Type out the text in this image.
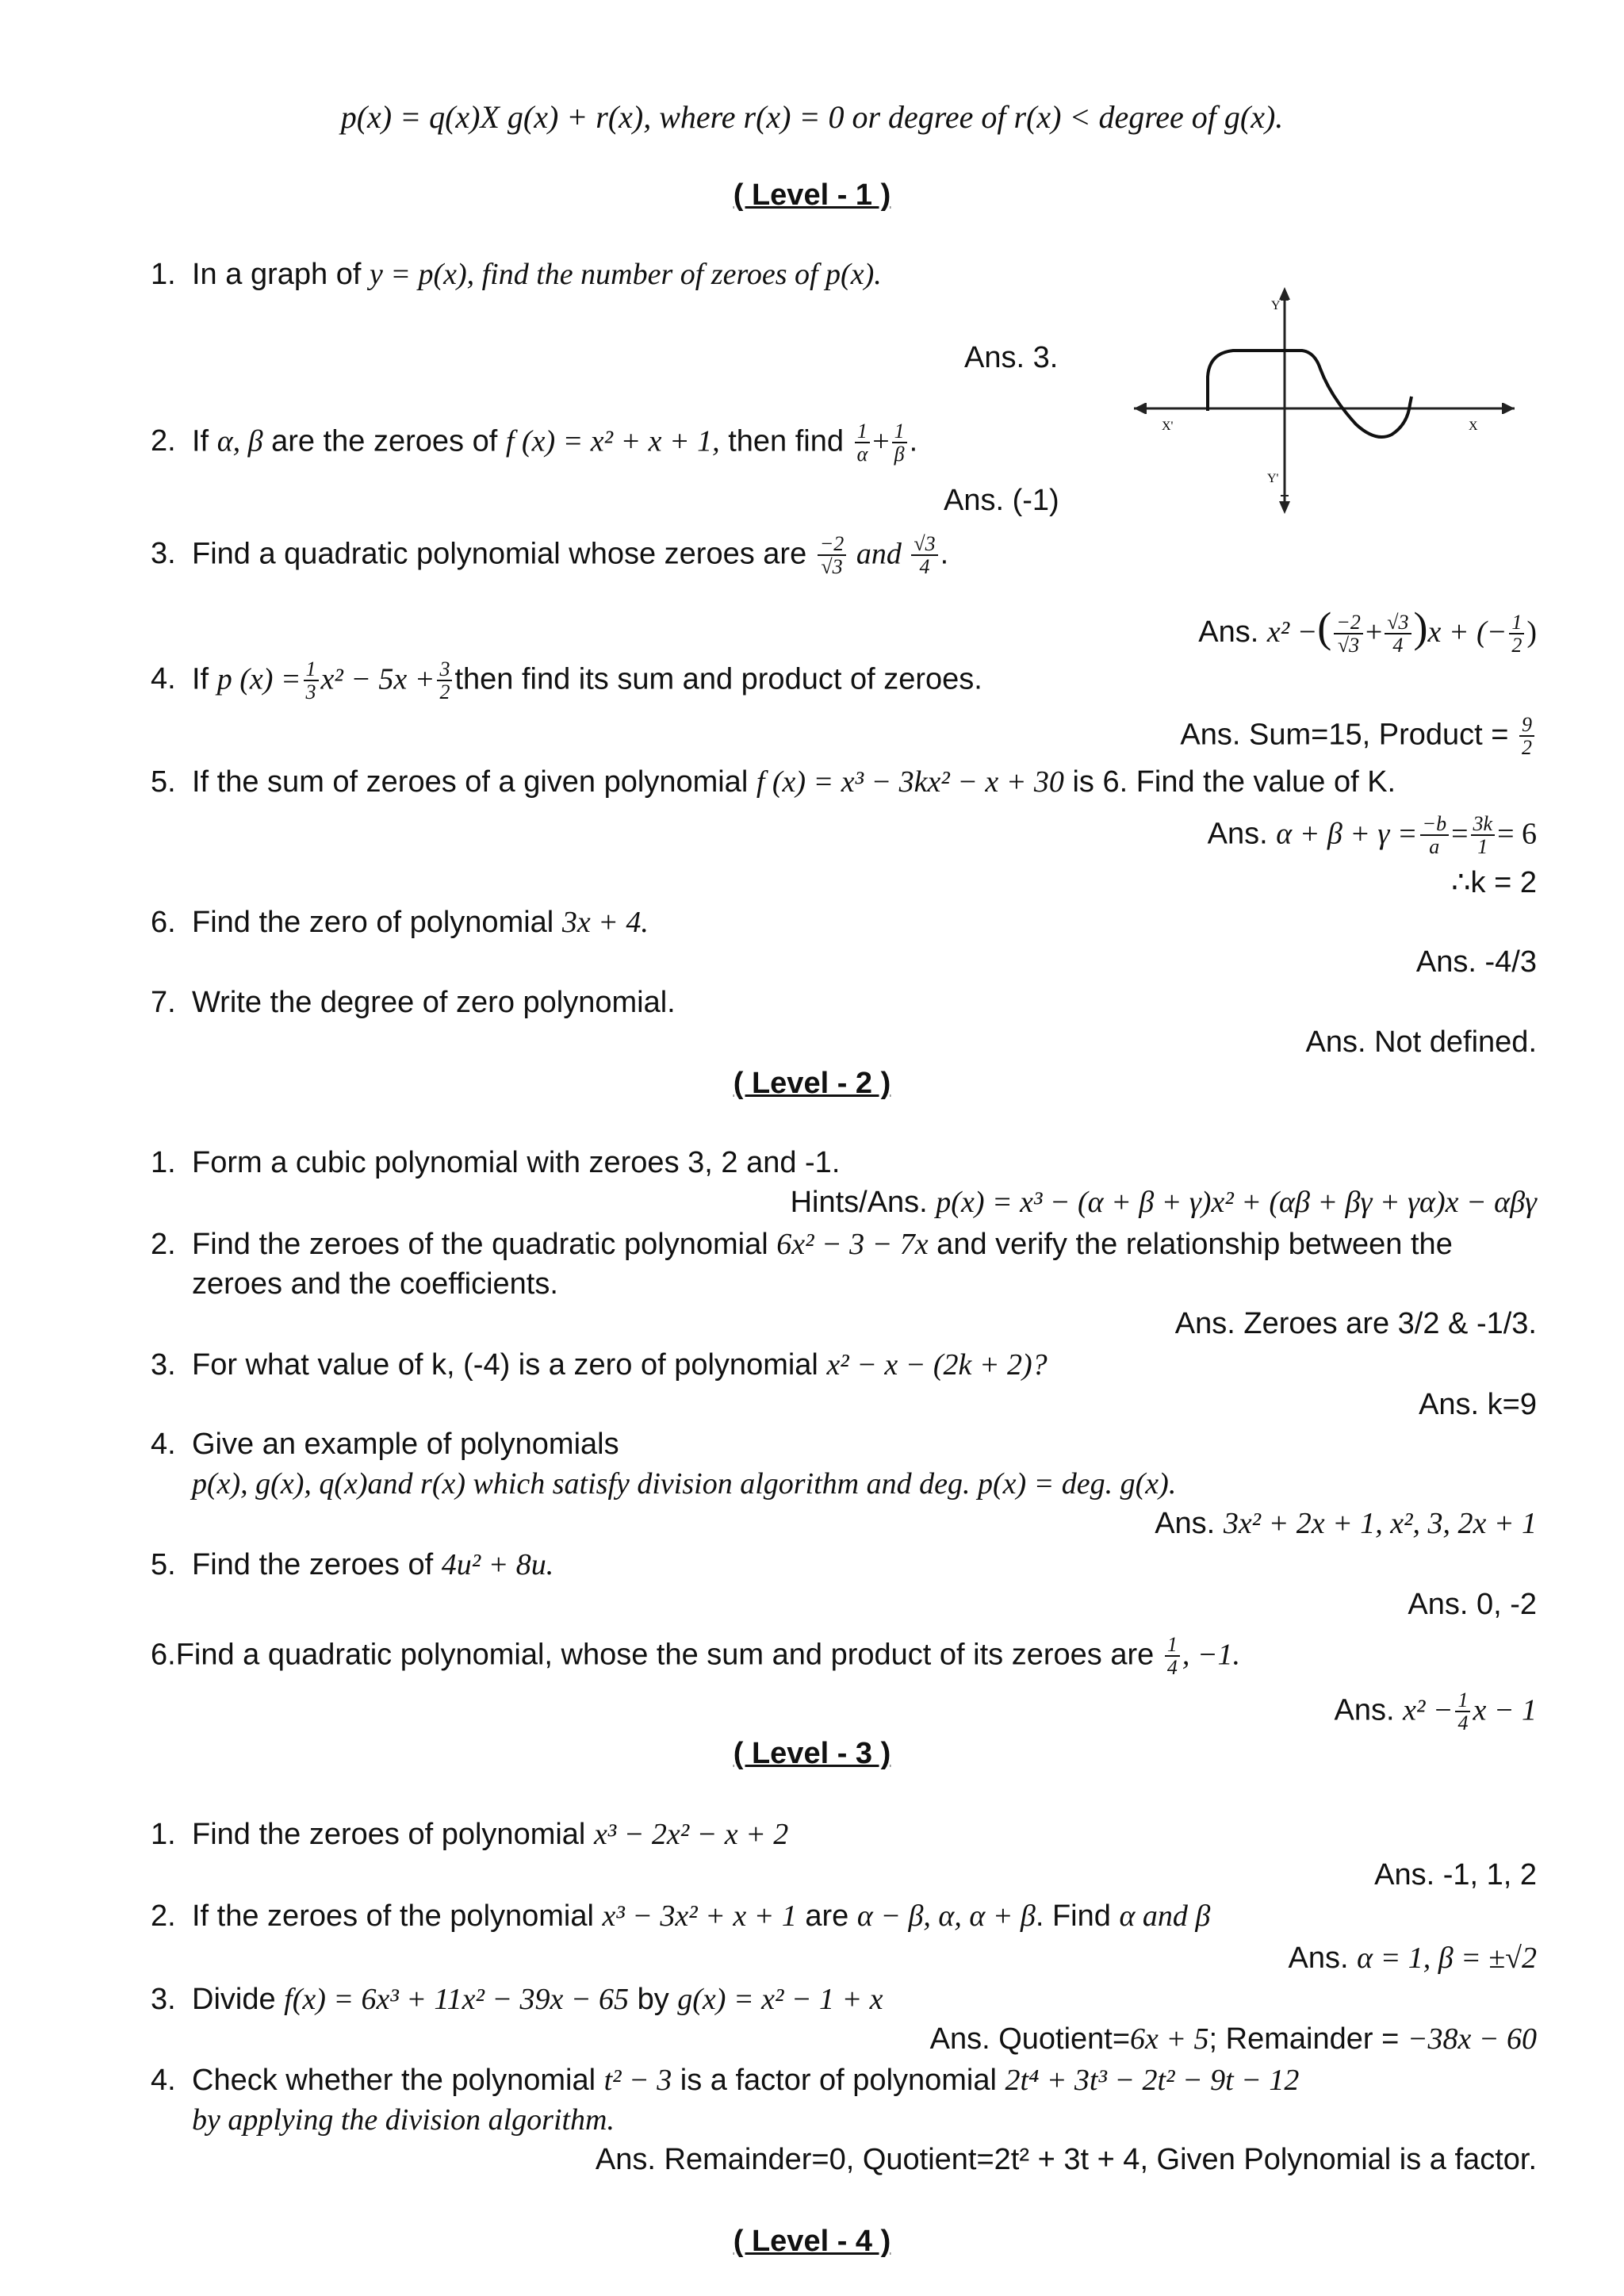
p(x) = q(x)X g(x) + r(x), where r(x) = 0 or degree of r(x) < degree of g(x).
( Level - 1 )
1. In a graph of y = p(x), find the number of zeroes of p(x).
Ans. 3.
2. If α, β are the zeroes of f (x) = x² + x + 1, then find $\frac{1}{\alpha} + \frac{1}{\beta}$ .
Ans. (-1)
3. Find a quadratic polynomial whose zeroes are $\frac{-2}{√3}$ and $\frac{√3}{4}$ .
Ans. x² −( $\frac{-2}{√3} + \frac{√3}{4} )x$ + (− $\frac{1}{2}$ )
4. If p $(x) = \frac{1}{3} x^2 - 5x + \frac{3}{2}$ then find its sum and product of zeroes.
Ans. Sum=15, Product = $\frac{9}{2}$
5. If the sum of zeroes of a given polynomial f (x) = x³ − 3kx² − x + 30 is 6. Find the value of K.
Ans. $\alpha + \beta + \gamma = \frac{-b}{a} = \frac{3k}{1} = 6$
∴k = 2
6. Find the zero of polynomial 3x + 4.
Ans. -4/3
7. Write the degree of zero polynomial.
Ans. Not defined.
Y
Y'
X'	X
( Level - 2 )
1. Form a cubic polynomial with zeroes 3, 2 and -1.
Hints/Ans. p(x) = x³ − (α + β + γ)x² + (αβ + βγ + γα)x − αβγ
2. Find the zeroes of the quadratic polynomial 6x² − 3 − 7x and verify the relationship between the
zeroes and the coefficients.
Ans. Zeroes are 3/2 & -1/3.
3. For what value of k, (-4) is a zero of polynomial x² − x − (2k + 2)?
Ans. k=9
4. Give an example of polynomials
p(x), g(x), q(x)and r(x) which satisfy division algorithm and deg. p(x) = deg. g(x).
Ans. 3x² + 2x + 1, x², 3, 2x + 1
5. Find the zeroes of 4u² + 8u.
Ans. 0, -2
6.Find a quadratic polynomial, whose the sum and product of its zeroes are $\frac{1}{4}$ , −1.
Ans. $x^2 - \frac{1}{4}$ x − 1
( Level - 3 )
1. Find the zeroes of polynomial x³ − 2x² − x + 2
Ans. -1, 1, 2
2. If the zeroes of the polynomial x³ − 3x² + x + 1 are α − β, α, α + β. Find α and β
Ans. α = 1, β = ±√2
3. Divide f(x) = 6x³ + 11x² − 39x − 65 by g(x) = x² − 1 + x
Ans. Quotient=6x + 5; Remainder = −38x − 60
4. Check whether the polynomial t² − 3 is a factor of polynomial 2t⁴ + 3t³ − 2t² − 9t − 12
by applying the division algorithm.
Ans. Remainder=0, Quotient=2t² + 3t + 4, Given Polynomial is a factor.
( Level - 4 )
